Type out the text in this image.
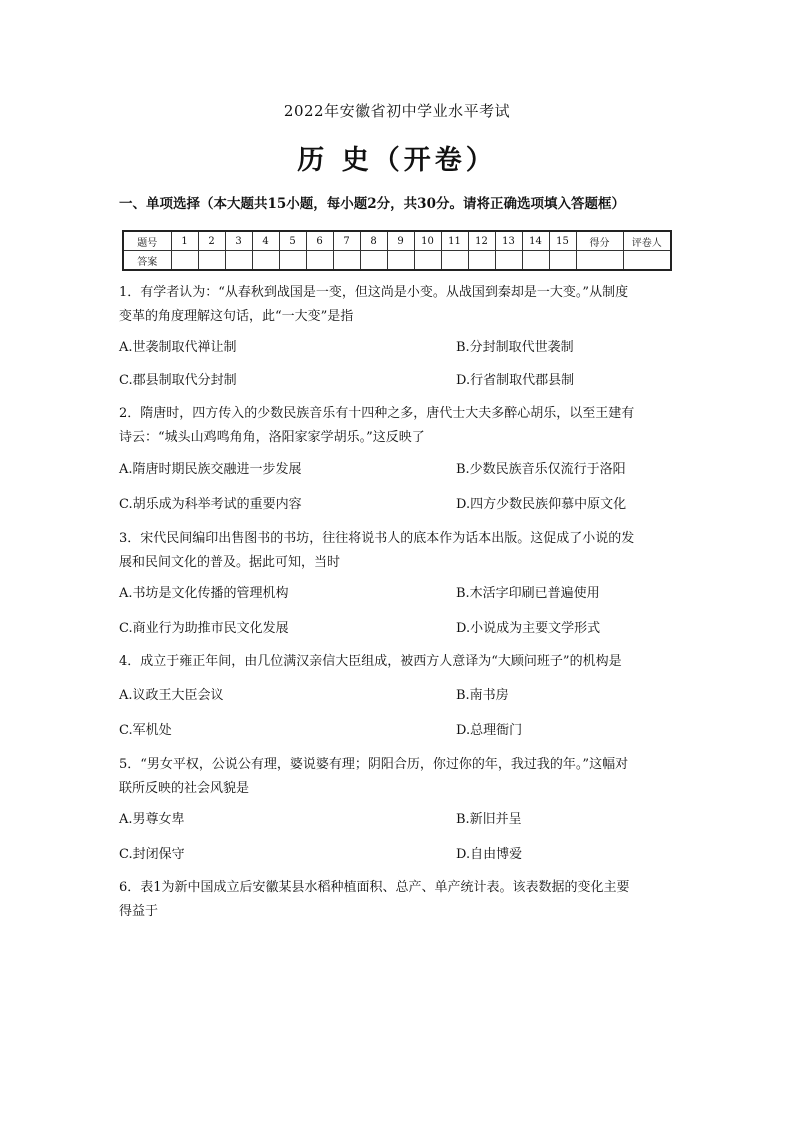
2022年安徽省初中学业水平考试
历 史（开卷）
一、单项选择（本大题共15小题，每小题2分，共30分。请将正确选项填入答题框）
题号	1	2	3	4	5	6	7	8	9	10	11	12	13	14	15	得分	评卷人
答案																	
1．有学者认为：“从春秋到战国是一变，但这尚是小变。从战国到秦却是一大变。”从制度
变革的角度理解这句话，此“一大变”是指
A.世袭制取代禅让制	B.分封制取代世袭制
C.郡县制取代分封制	D.行省制取代郡县制
2．隋唐时，四方传入的少数民族音乐有十四种之多，唐代士大夫多醉心胡乐，以至王建有
诗云：“城头山鸡鸣角角，洛阳家家学胡乐。”这反映了
A.隋唐时期民族交融进一步发展	B.少数民族音乐仅流行于洛阳
C.胡乐成为科举考试的重要内容	D.四方少数民族仰慕中原文化
3．宋代民间编印出售图书的书坊，往往将说书人的底本作为话本出版。这促成了小说的发
展和民间文化的普及。据此可知，当时
A.书坊是文化传播的管理机构	B.木活字印刷已普遍使用
C.商业行为助推市民文化发展	D.小说成为主要文学形式
4．成立于雍正年间，由几位满汉亲信大臣组成，被西方人意译为“大顾问班子”的机构是
A.议政王大臣会议	B.南书房
C.军机处	D.总理衙门
5．“男女平权，公说公有理，婆说婆有理；阴阳合历，你过你的年，我过我的年。”这幅对
联所反映的社会风貌是
A.男尊女卑	B.新旧并呈
C.封闭保守	D.自由博爱
6．表1为新中国成立后安徽某县水稻种植面积、总产、单产统计表。该表数据的变化主要
得益于
